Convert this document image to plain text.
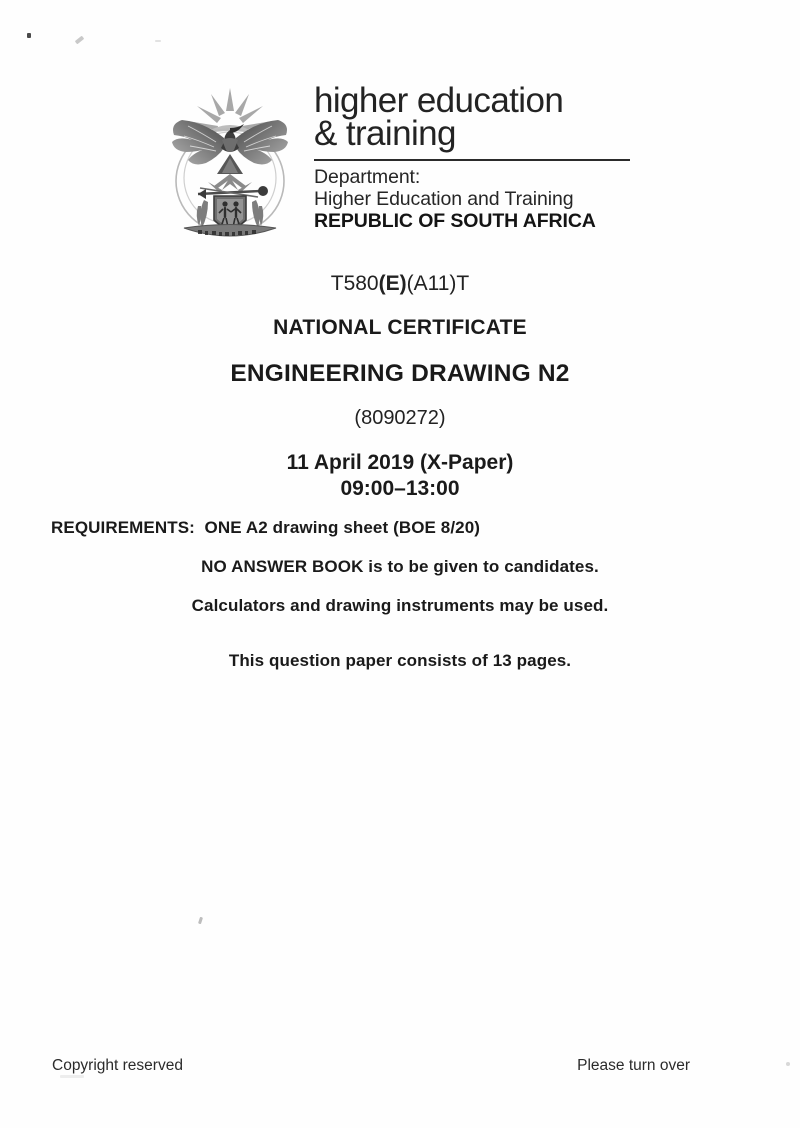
higher education
& training
Department:
Higher Education and Training
REPUBLIC OF SOUTH AFRICA
T580(E)(A11)T
NATIONAL CERTIFICATE
ENGINEERING DRAWING N2
(8090272)
11 April 2019 (X-Paper)
09:00–13:00
REQUIREMENTS:  ONE A2 drawing sheet (BOE 8/20)
NO ANSWER BOOK is to be given to candidates.
Calculators and drawing instruments may be used.
This question paper consists of 13 pages.
Copyright reserved	Please turn over
